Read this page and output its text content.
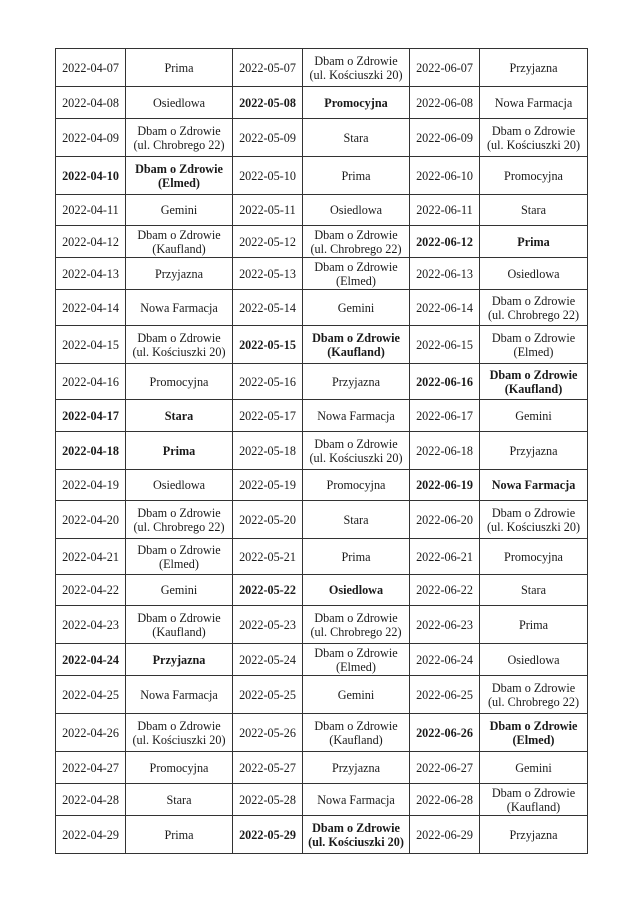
2022-04-07	Prima	2022-05-07	Dbam o Zdrowie
(ul. Kościuszki 20)	2022-06-07	Przyjazna
2022-04-08	Osiedlowa	2022-05-08	Promocyjna	2022-06-08	Nowa Farmacja
2022-04-09	Dbam o Zdrowie
(ul. Chrobrego 22)	2022-05-09	Stara	2022-06-09	Dbam o Zdrowie
(ul. Kościuszki 20)
2022-04-10	Dbam o Zdrowie
(Elmed)	2022-05-10	Prima	2022-06-10	Promocyjna
2022-04-11	Gemini	2022-05-11	Osiedlowa	2022-06-11	Stara
2022-04-12	Dbam o Zdrowie
(Kaufland)	2022-05-12	Dbam o Zdrowie
(ul. Chrobrego 22)	2022-06-12	Prima
2022-04-13	Przyjazna	2022-05-13	Dbam o Zdrowie
(Elmed)	2022-06-13	Osiedlowa
2022-04-14	Nowa Farmacja	2022-05-14	Gemini	2022-06-14	Dbam o Zdrowie
(ul. Chrobrego 22)
2022-04-15	Dbam o Zdrowie
(ul. Kościuszki 20)	2022-05-15	Dbam o Zdrowie
(Kaufland)	2022-06-15	Dbam o Zdrowie
(Elmed)
2022-04-16	Promocyjna	2022-05-16	Przyjazna	2022-06-16	Dbam o Zdrowie
(Kaufland)
2022-04-17	Stara	2022-05-17	Nowa Farmacja	2022-06-17	Gemini
2022-04-18	Prima	2022-05-18	Dbam o Zdrowie
(ul. Kościuszki 20)	2022-06-18	Przyjazna
2022-04-19	Osiedlowa	2022-05-19	Promocyjna	2022-06-19	Nowa Farmacja
2022-04-20	Dbam o Zdrowie
(ul. Chrobrego 22)	2022-05-20	Stara	2022-06-20	Dbam o Zdrowie
(ul. Kościuszki 20)
2022-04-21	Dbam o Zdrowie
(Elmed)	2022-05-21	Prima	2022-06-21	Promocyjna
2022-04-22	Gemini	2022-05-22	Osiedlowa	2022-06-22	Stara
2022-04-23	Dbam o Zdrowie
(Kaufland)	2022-05-23	Dbam o Zdrowie
(ul. Chrobrego 22)	2022-06-23	Prima
2022-04-24	Przyjazna	2022-05-24	Dbam o Zdrowie
(Elmed)	2022-06-24	Osiedlowa
2022-04-25	Nowa Farmacja	2022-05-25	Gemini	2022-06-25	Dbam o Zdrowie
(ul. Chrobrego 22)
2022-04-26	Dbam o Zdrowie
(ul. Kościuszki 20)	2022-05-26	Dbam o Zdrowie
(Kaufland)	2022-06-26	Dbam o Zdrowie
(Elmed)
2022-04-27	Promocyjna	2022-05-27	Przyjazna	2022-06-27	Gemini
2022-04-28	Stara	2022-05-28	Nowa Farmacja	2022-06-28	Dbam o Zdrowie
(Kaufland)
2022-04-29	Prima	2022-05-29	Dbam o Zdrowie
(ul. Kościuszki 20)	2022-06-29	Przyjazna
